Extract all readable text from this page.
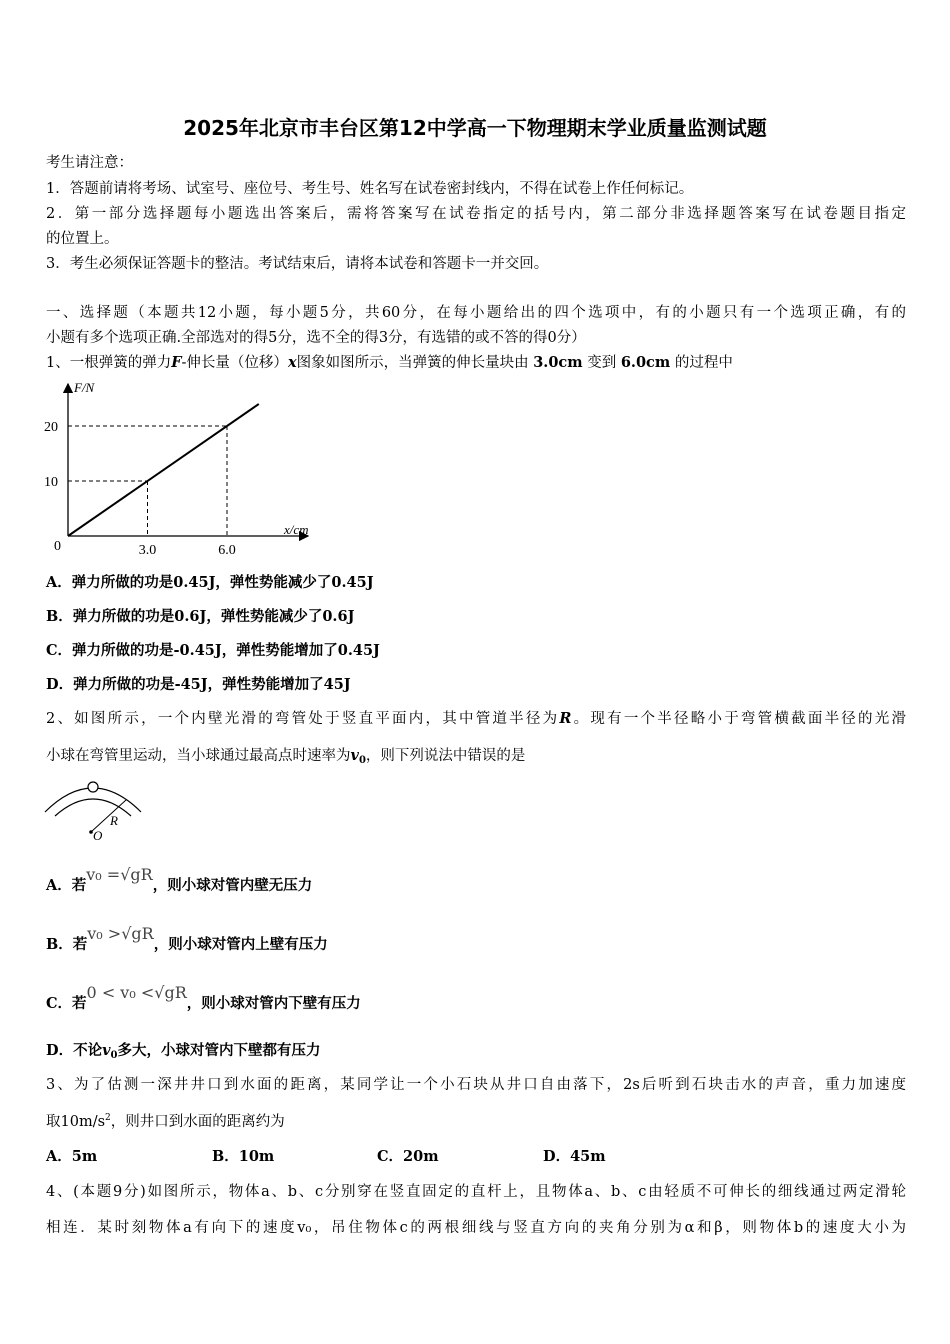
2025年北京市丰台区第12中学高一下物理期末学业质量监测试题
考生请注意：
1．答题前请将考场、试室号、座位号、考生号、姓名写在试卷密封线内，不得在试卷上作任何标记。
2．第一部分选择题每小题选出答案后，需将答案写在试卷指定的括号内，第二部分非选择题答案写在试卷题目指定
的位置上。
3．考生必须保证答题卡的整洁。考试结束后，请将本试卷和答题卡一并交回。
一、选择题（本题共12小题，每小题5分，共60分，在每小题给出的四个选项中，有的小题只有一个选项正确，有的
小题有多个选项正确.全部选对的得5分，选不全的得3分，有选错的或不答的得0分）
1、一根弹簧的弹力F-伸长量（位移）x图象如图所示，当弹簧的伸长量块由 3.0cm 变到 6.0cm 的过程中
F/N
x/cm
10
20
3.0	6.0
0
A．弹力所做的功是0.45J，弹性势能减少了0.45J
B．弹力所做的功是0.6J，弹性势能减少了0.6J
C．弹力所做的功是-0.45J，弹性势能增加了0.45J
D．弹力所做的功是-45J，弹性势能增加了45J
2、如图所示，一个内壁光滑的弯管处于竖直平面内，其中管道半径为R。现有一个半径略小于弯管横截面半径的光滑
小球在弯管里运动，当小球通过最高点时速率为$v_0$，则下列说法中错误的是
R
O
A．若v₀ =√gR，则小球对管内壁无压力
B．若v₀ >√gR，则小球对管内上壁有压力
C．若0 < v₀ <√gR，则小球对管内下壁有压力
D．不论$v_0$多大，小球对管内下壁都有压力
3、为了估测一深井井口到水面的距离，某同学让一个小石块从井口自由落下，2s后听到石块击水的声音，重力加速度
取$10m/s^2$，则井口到水面的距离约为
A．5m	B．10m	C．20m	D．45m
4、(本题9分)如图所示，物体a、b、c分别穿在竖直固定的直杆上，且物体a、b、c由轻质不可伸长的细线通过两定滑轮
相连．某时刻物体a有向下的速度v₀，吊住物体c的两根细线与竖直方向的夹角分别为α和β，则物体b的速度大小为
